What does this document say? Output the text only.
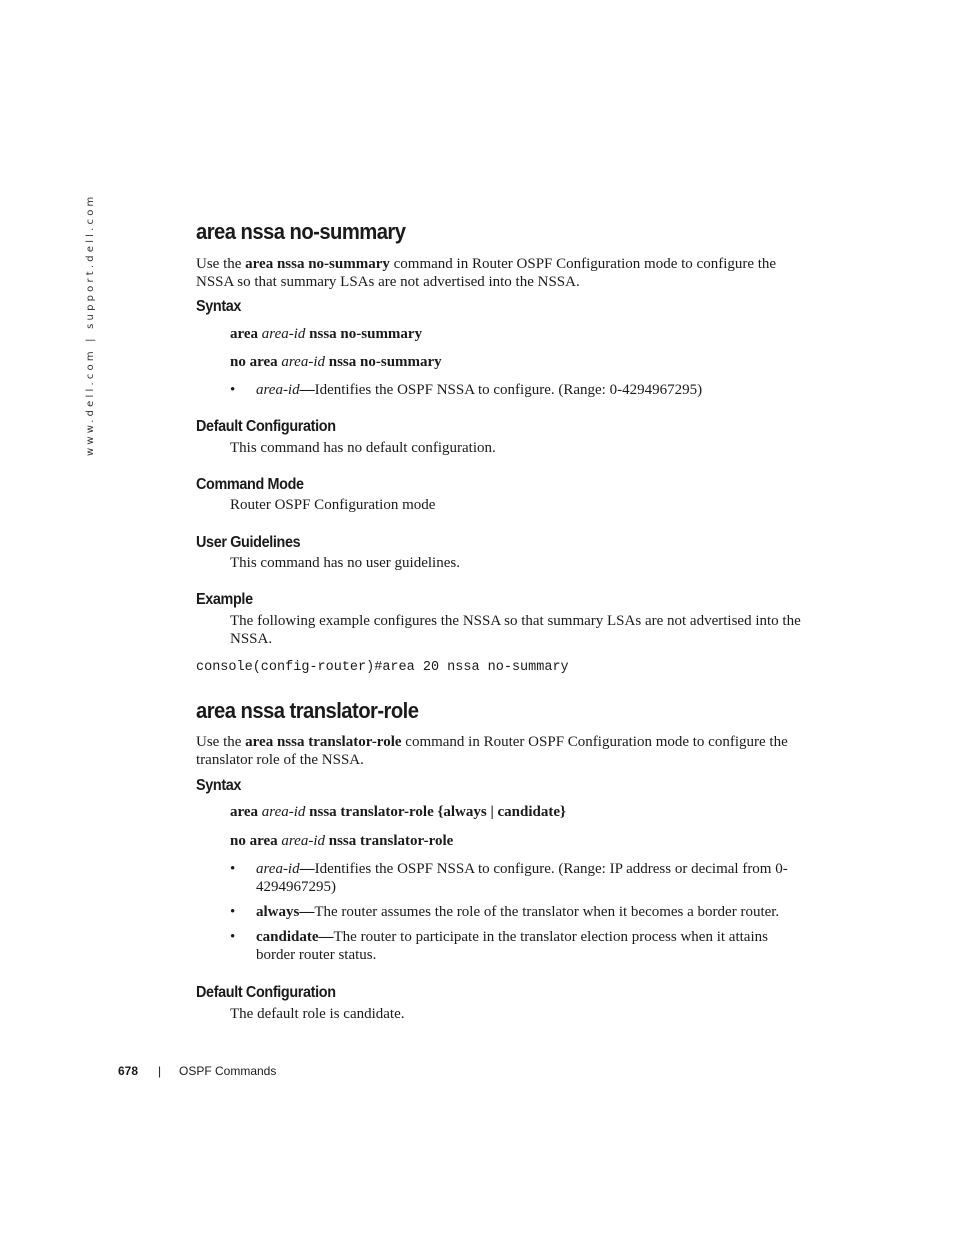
www.dell.com | support.dell.com	area nssa no-summary

Use the area nssa no-summary command in Router OSPF Configuration mode to configure the NSSA so that summary LSAs are not advertised into the NSSA.

Syntax

area area-id nssa no-summary

no area area-id nssa no-summary

• area-id—Identifies the OSPF NSSA to configure. (Range: 0-4294967295)
Default Configuration

This command has no default configuration.

Command Mode

Router OSPF Configuration mode

User Guidelines

This command has no user guidelines.

Example

The following example configures the NSSA so that summary LSAs are not advertised into the NSSA.

console(config-router)#area 20 nssa no-summary

area nssa translator-role

Use the area nssa translator-role command in Router OSPF Configuration mode to configure the translator role of the NSSA.

Syntax

area area-id nssa translator-role {always | candidate}

no area area-id nssa translator-role

• area-id—Identifies the OSPF NSSA to configure. (Range: IP address or decimal from 0-4294967295)
• always—The router assumes the role of the translator when it becomes a border router.
• candidate—The router to participate in the translator election process when it attains border router status.
Default Configuration

The default role is candidate.

678 | OSPF Commands
